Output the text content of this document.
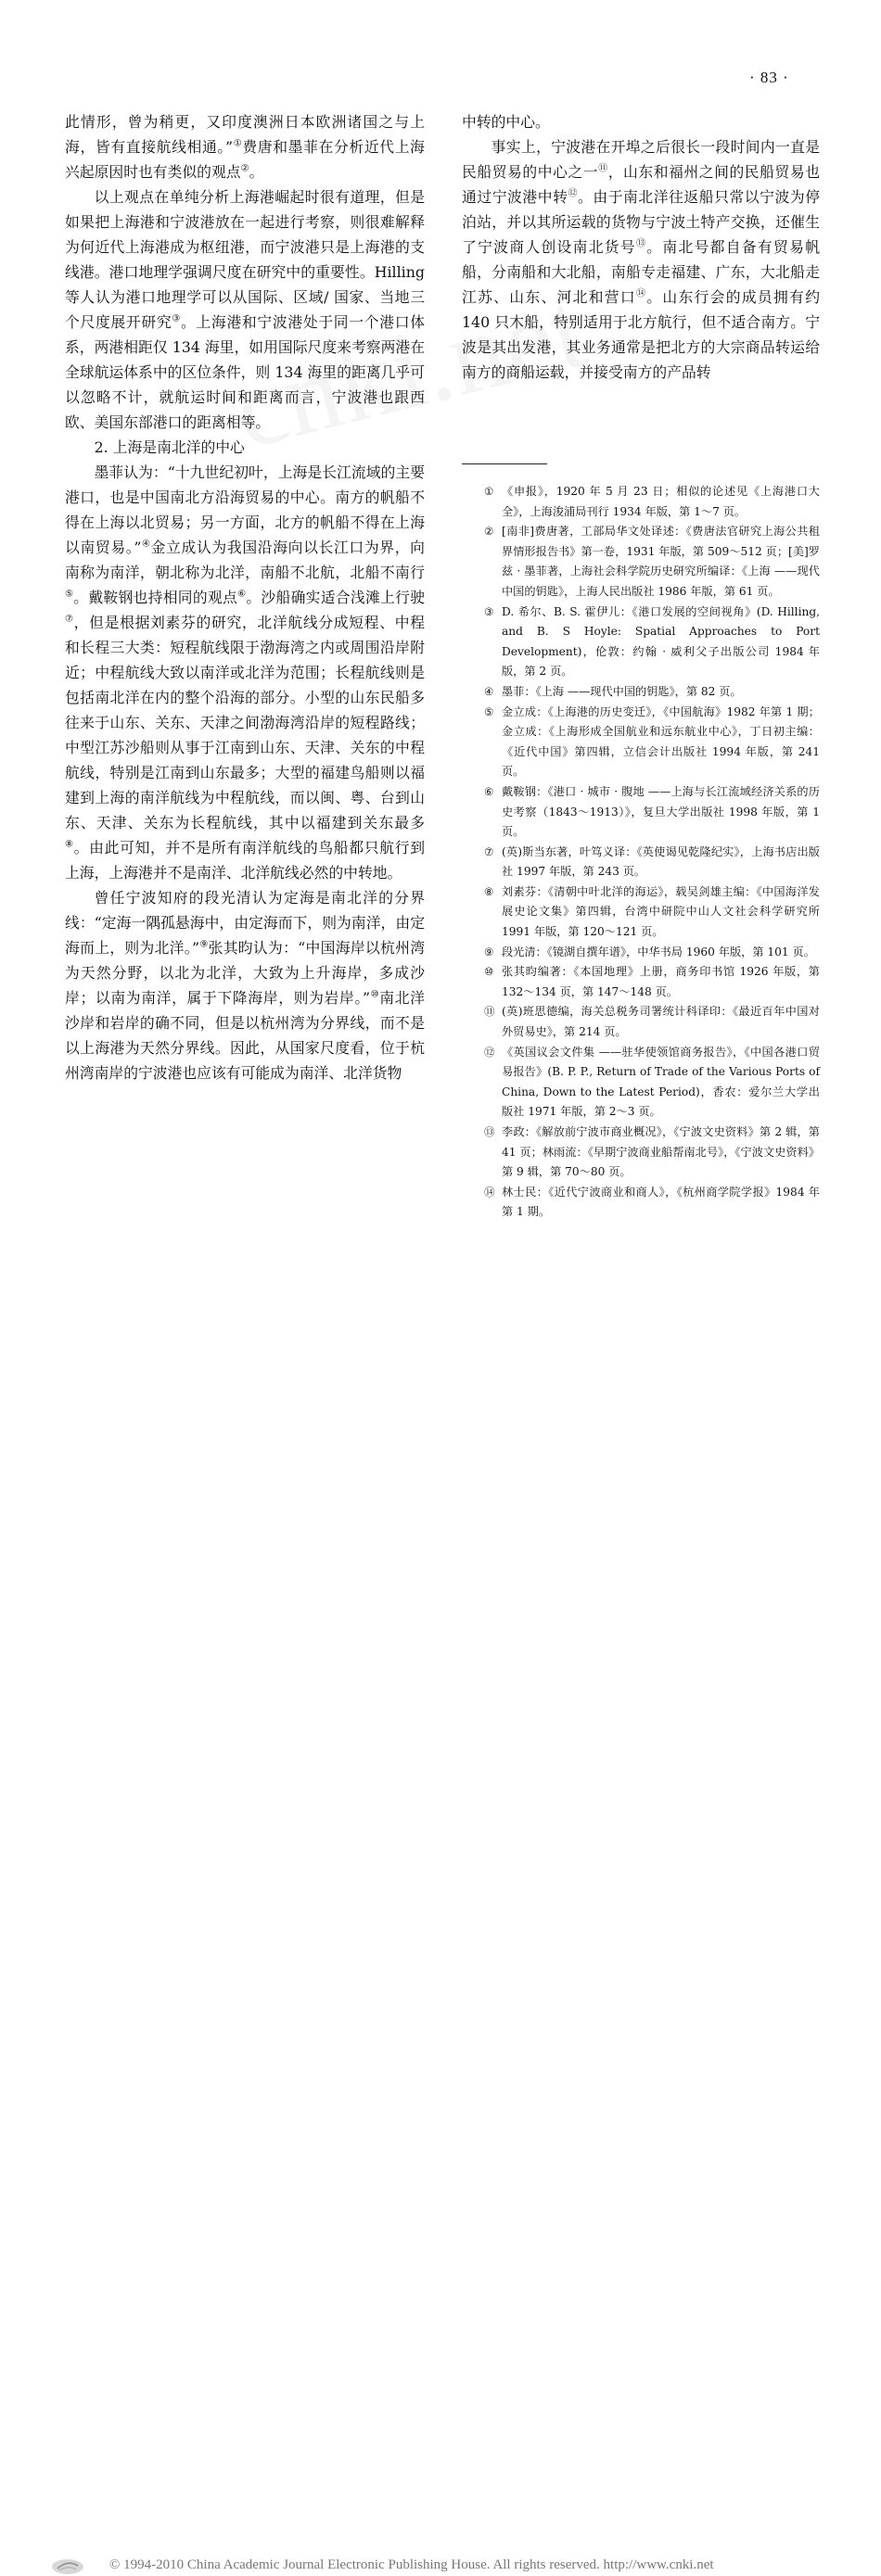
· 83 ·

此情形，曾为稍更，又印度澳洲日本欧洲诸国之与上海，皆有直接航线相通。”①费唐和墨菲在分析近代上海兴起原因时也有类似的观点②。

以上观点在单纯分析上海港崛起时很有道理，但是如果把上海港和宁波港放在一起进行考察，则很难解释为何近代上海港成为枢纽港，而宁波港只是上海港的支线港。港口地理学强调尺度在研究中的重要性。Hilling 等人认为港口地理学可以从国际、区域/ 国家、当地三个尺度展开研究③。上海港和宁波港处于同一个港口体系，两港相距仅 134 海里，如用国际尺度来考察两港在全球航运体系中的区位条件，则 134 海里的距离几乎可以忽略不计，就航运时间和距离而言，宁波港也跟西欧、美国东部港口的距离相等。

2. 上海是南北洋的中心

墨菲认为：“十九世纪初叶，上海是长江流域的主要港口，也是中国南北方沿海贸易的中心。南方的帆船不得在上海以北贸易；另一方面，北方的帆船不得在上海以南贸易。”④金立成认为我国沿海向以长江口为界，向南称为南洋，朝北称为北洋，南船不北航，北船不南行⑤。戴鞍钢也持相同的观点⑥。沙船确实适合浅滩上行驶⑦，但是根据刘素芬的研究，北洋航线分成短程、中程和长程三大类：短程航线限于渤海湾之内或周围沿岸附近；中程航线大致以南洋或北洋为范围；长程航线则是包括南北洋在内的整个沿海的部分。小型的山东民船多往来于山东、关东、天津之间渤海湾沿岸的短程路线；中型江苏沙船则从事于江南到山东、天津、关东的中程航线，特别是江南到山东最多；大型的福建鸟船则以福建到上海的南洋航线为中程航线，而以闽、粤、台到山东、天津、关东为长程航线，其中以福建到关东最多⑧。由此可知，并不是所有南洋航线的鸟船都只航行到上海，上海港并不是南洋、北洋航线必然的中转地。

曾任宁波知府的段光清认为定海是南北洋的分界线：“定海一隅孤悬海中，由定海而下，则为南洋，由定海而上，则为北洋。”⑨张其昀认为：“中国海岸以杭州湾为天然分野，以北为北洋，大致为上升海岸，多成沙岸；以南为南洋，属于下降海岸，则为岩岸。”⑩南北洋沙岸和岩岸的确不同，但是以杭州湾为分界线，而不是以上海港为天然分界线。因此，从国家尺度看，位于杭州湾南岸的宁波港也应该有可能成为南洋、北洋货物

中转的中心。

事实上，宁波港在开埠之后很长一段时间内一直是民船贸易的中心之一⑪，山东和福州之间的民船贸易也通过宁波港中转⑫。由于南北洋往返船只常以宁波为停泊站，并以其所运载的货物与宁波土特产交换，还催生了宁波商人创设南北货号⑬。南北号都自备有贸易帆船，分南船和大北船，南船专走福建、广东，大北船走江苏、山东、河北和营口⑭。山东行会的成员拥有约 140 只木船，特别适用于北方航行，但不适合南方。宁波是其出发港，其业务通常是把北方的大宗商品转运给南方的商船运载，并接受南方的产品转

① 《申报》，1920 年 5 月 23 日；相似的论述见《上海港口大全》，上海浚浦局刊行 1934 年版，第 1～7 页。
② [南非]费唐著，工部局华文处译述：《费唐法官研究上海公共租界情形报告书》第一卷，1931 年版，第 509～512 页；[美]罗兹 · 墨菲著，上海社会科学院历史研究所编译：《上海 ——现代中国的钥匙》，上海人民出版社 1986 年版，第 61 页。
③ D. 希尔、B. S. 霍伊儿：《港口发展的空间视角》(D. Hilling, and B. S Hoyle: Spatial Approaches to Port Development)，伦敦：约翰 · 威利父子出版公司 1984 年版，第 2 页。
④ 墨菲：《上海 ——现代中国的钥匙》，第 82 页。
⑤ 金立成：《上海港的历史变迁》，《中国航海》1982 年第 1 期；金立成：《上海形成全国航业和远东航业中心》，丁日初主编：《近代中国》第四辑，立信会计出版社 1994 年版，第 241 页。
⑥ 戴鞍钢：《港口 · 城市 · 腹地 ——上海与长江流域经济关系的历史考察（1843～1913）》，复旦大学出版社 1998 年版，第 1 页。
⑦ (英)斯当东著，叶笃义译：《英使谒见乾隆纪实》，上海书店出版社 1997 年版，第 243 页。
⑧ 刘素芬：《清朝中叶北洋的海运》，载吴剑雄主编：《中国海洋发展史论文集》第四辑，台湾中研院中山人文社会科学研究所 1991 年版，第 120～121 页。
⑨ 段光清：《镜湖自撰年谱》，中华书局 1960 年版，第 101 页。
⑩ 张其昀编著：《本国地理》上册，商务印书馆 1926 年版，第 132～134 页，第 147～148 页。
⑪ (英)班思德编，海关总税务司署统计科译印：《最近百年中国对外贸易史》，第 214 页。
⑫ 《英国议会文件集 ——驻华使领馆商务报告》，《中国各港口贸易报告》(B. P. P., Return of Trade of the Various Ports of China, Down to the Latest Period)，香农：爱尔兰大学出版社 1971 年版，第 2～3 页。
⑬ 李政：《解放前宁波市商业概况》，《宁波文史资料》第 2 辑，第 41 页；林雨流：《早期宁波商业船帮南北号》，《宁波文史资料》第 9 辑，第 70～80 页。
⑭ 林士民：《近代宁波商业和商人》，《杭州商学院学报》1984 年第 1 期。
© 1994-2010 China Academic Journal Electronic Publishing House. All rights reserved. http://www.cnki.net
